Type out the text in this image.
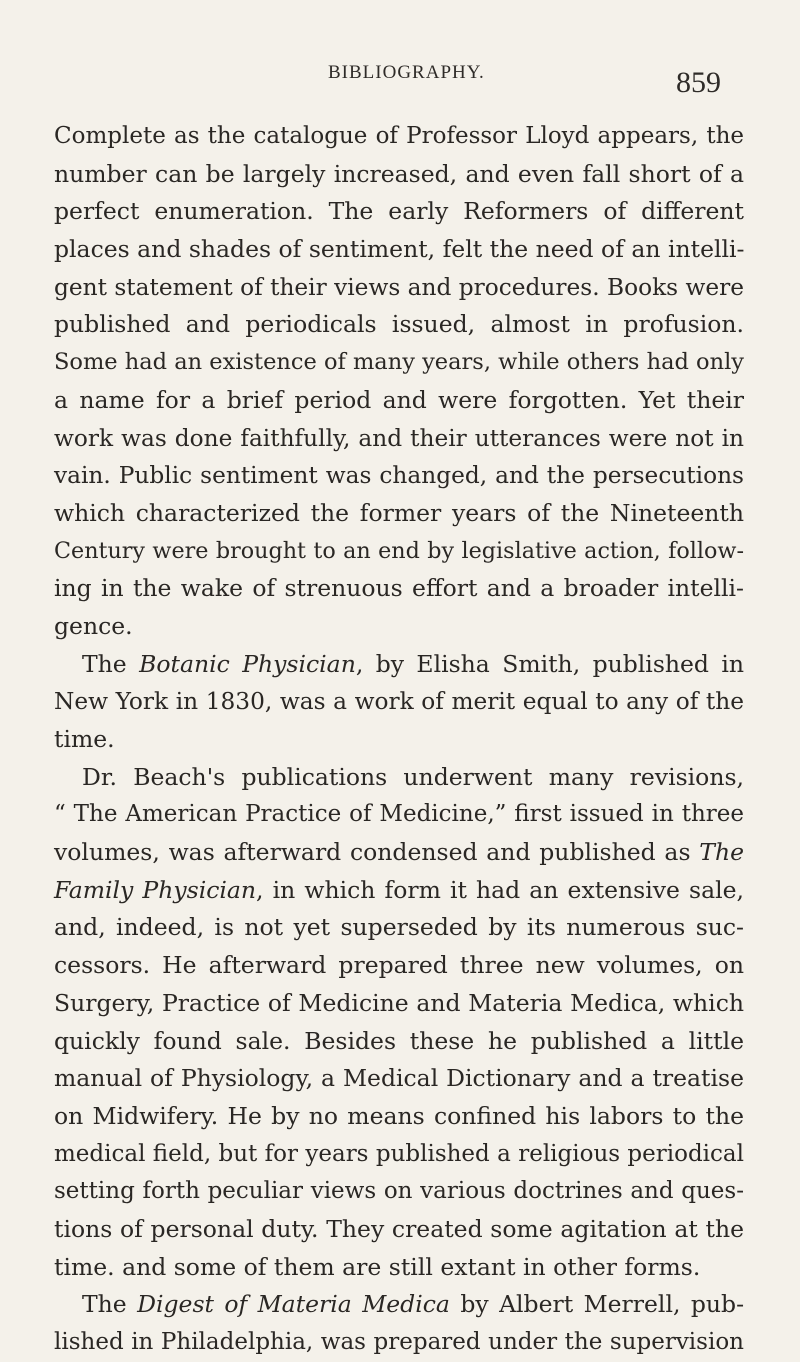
BIBLIOGRAPHY.	859
Complete as the catalogue of Professor Lloyd appears, the
number can be largely increased, and even fall short of a
perfect enumeration. The early Reformers of different
places and shades of sentiment, felt the need of an intelli-
gent statement of their views and procedures. Books were
published and periodicals issued, almost in profusion.
Some had an existence of many years, while others had only
a name for a brief period and were forgotten. Yet their
work was done faithfully, and their utterances were not in
vain. Public sentiment was changed, and the persecutions
which characterized the former years of the Nineteenth
Century were brought to an end by legislative action, follow-
ing in the wake of strenuous effort and a broader intelli-
gence.
The Botanic Physician, by Elisha Smith, published in
New York in 1830, was a work of merit equal to any of the
time.
Dr. Beach's publications underwent many revisions,
“ The American Practice of Medicine,” first issued in three
volumes, was afterward condensed and published as The
Family Physician, in which form it had an extensive sale,
and, indeed, is not yet superseded by its numerous suc-
cessors. He afterward prepared three new volumes, on
Surgery, Practice of Medicine and Materia Medica, which
quickly found sale. Besides these he published a little
manual of Physiology, a Medical Dictionary and a treatise
on Midwifery. He by no means confined his labors to the
medical field, but for years published a religious periodical
setting forth peculiar views on various doctrines and ques-
tions of personal duty. They created some agitation at the
time. and some of them are still extant in other forms.
The Digest of Materia Medica by Albert Merrell, pub-
lished in Philadelphia, was prepared under the supervision
